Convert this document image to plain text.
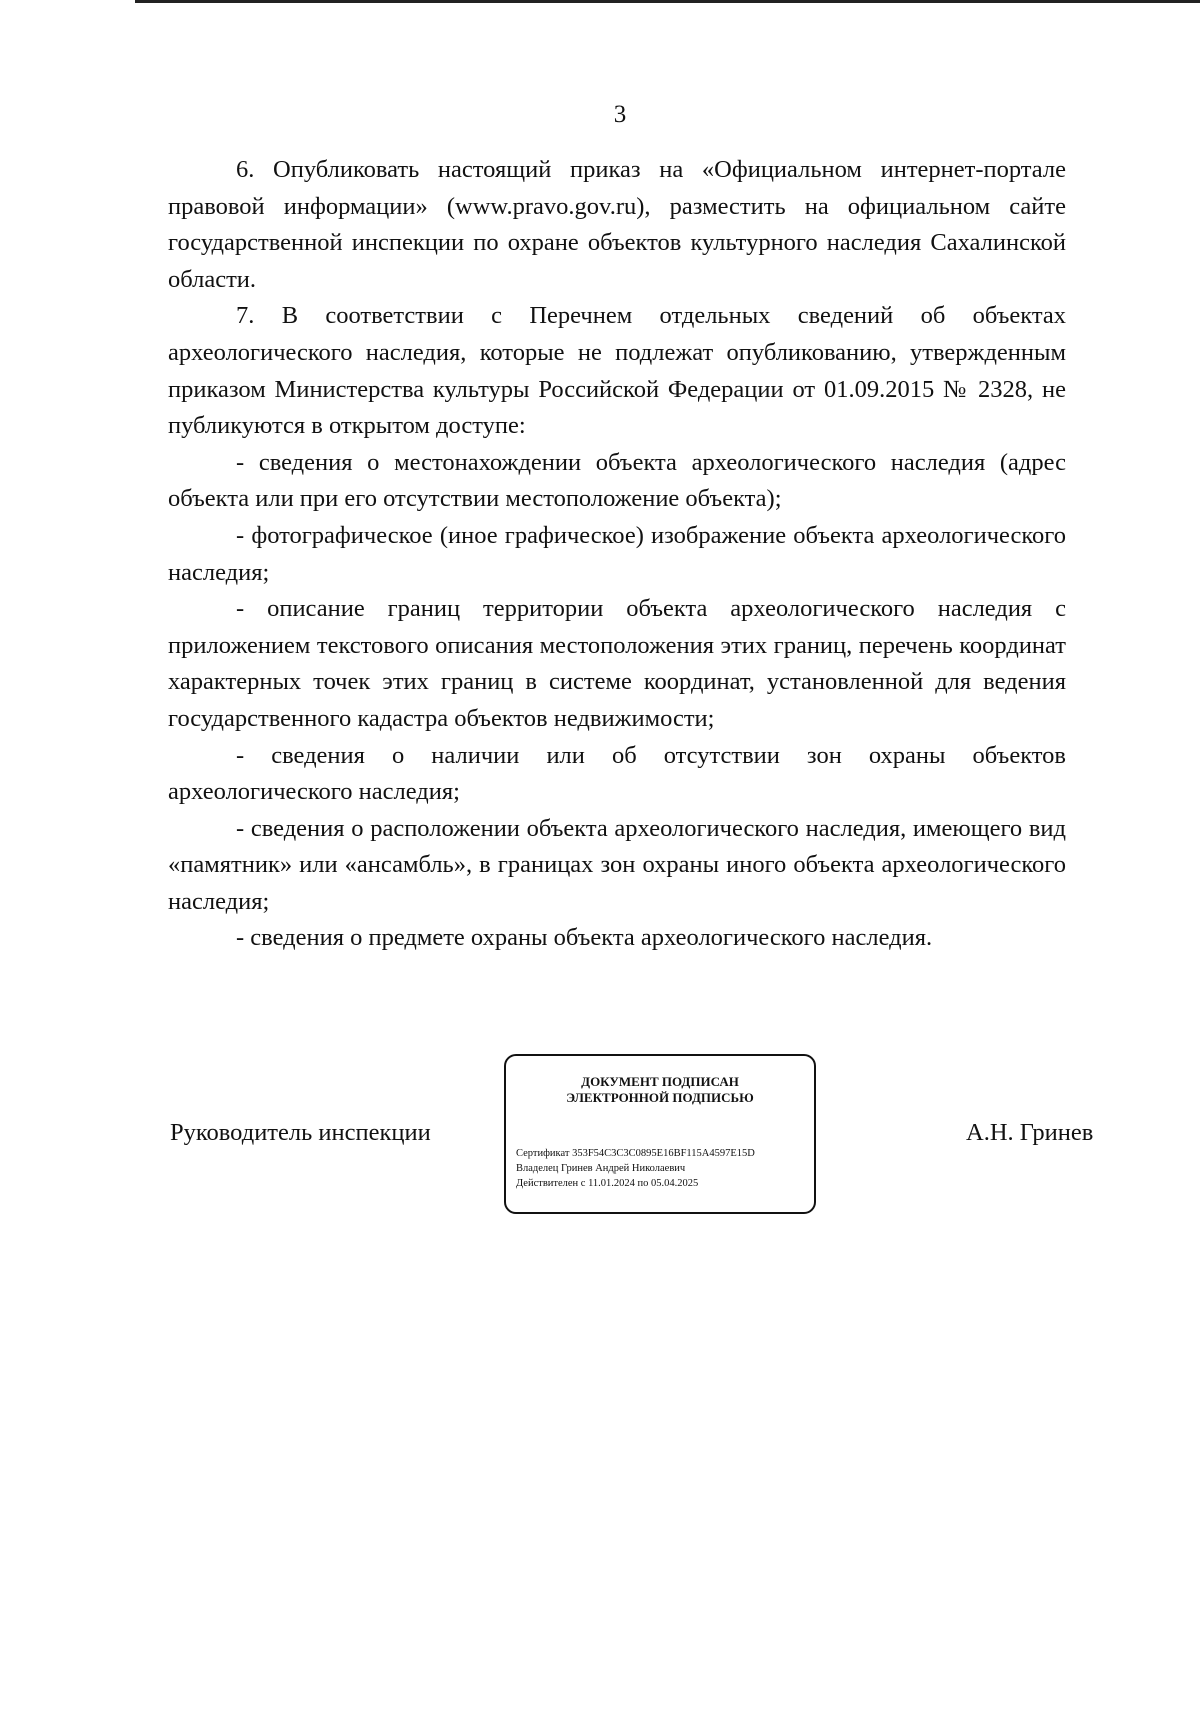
3

6. Опубликовать настоящий приказ на «Официальном интернет-портале правовой информации» (www.pravo.gov.ru), разместить на официальном сайте государственной инспекции по охране объектов культурного наследия Сахалинской области.

7. В соответствии с Перечнем отдельных сведений об объектах археологического наследия, которые не подлежат опубликованию, утвержденным приказом Министерства культуры Российской Федерации от 01.09.2015 № 2328, не публикуются в открытом доступе:

- сведения о местонахождении объекта археологического наследия (адрес объекта или при его отсутствии местоположение объекта);

- фотографическое (иное графическое) изображение объекта археологического наследия;

- описание границ территории объекта археологического наследия с приложением текстового описания местоположения этих границ, перечень координат характерных точек этих границ в системе координат, установленной для ведения государственного кадастра объектов недвижимости;

- сведения о наличии или об отсутствии зон охраны объектов археологического наследия;

- сведения о расположении объекта археологического наследия, имеющего вид «памятник» или «ансамбль», в границах зон охраны иного объекта археологического наследия;

- сведения о предмете охраны объекта археологического наследия.

Руководитель инспекции
ДОКУМЕНТ ПОДПИСАН
ЭЛЕКТРОННОЙ ПОДПИСЬЮ
Сертификат 353F54C3C3C0895E16BF115A4597E15D
Владелец Гринев Андрей Николаевич
Действителен с 11.01.2024 по 05.04.2025
А.Н. Гринев
